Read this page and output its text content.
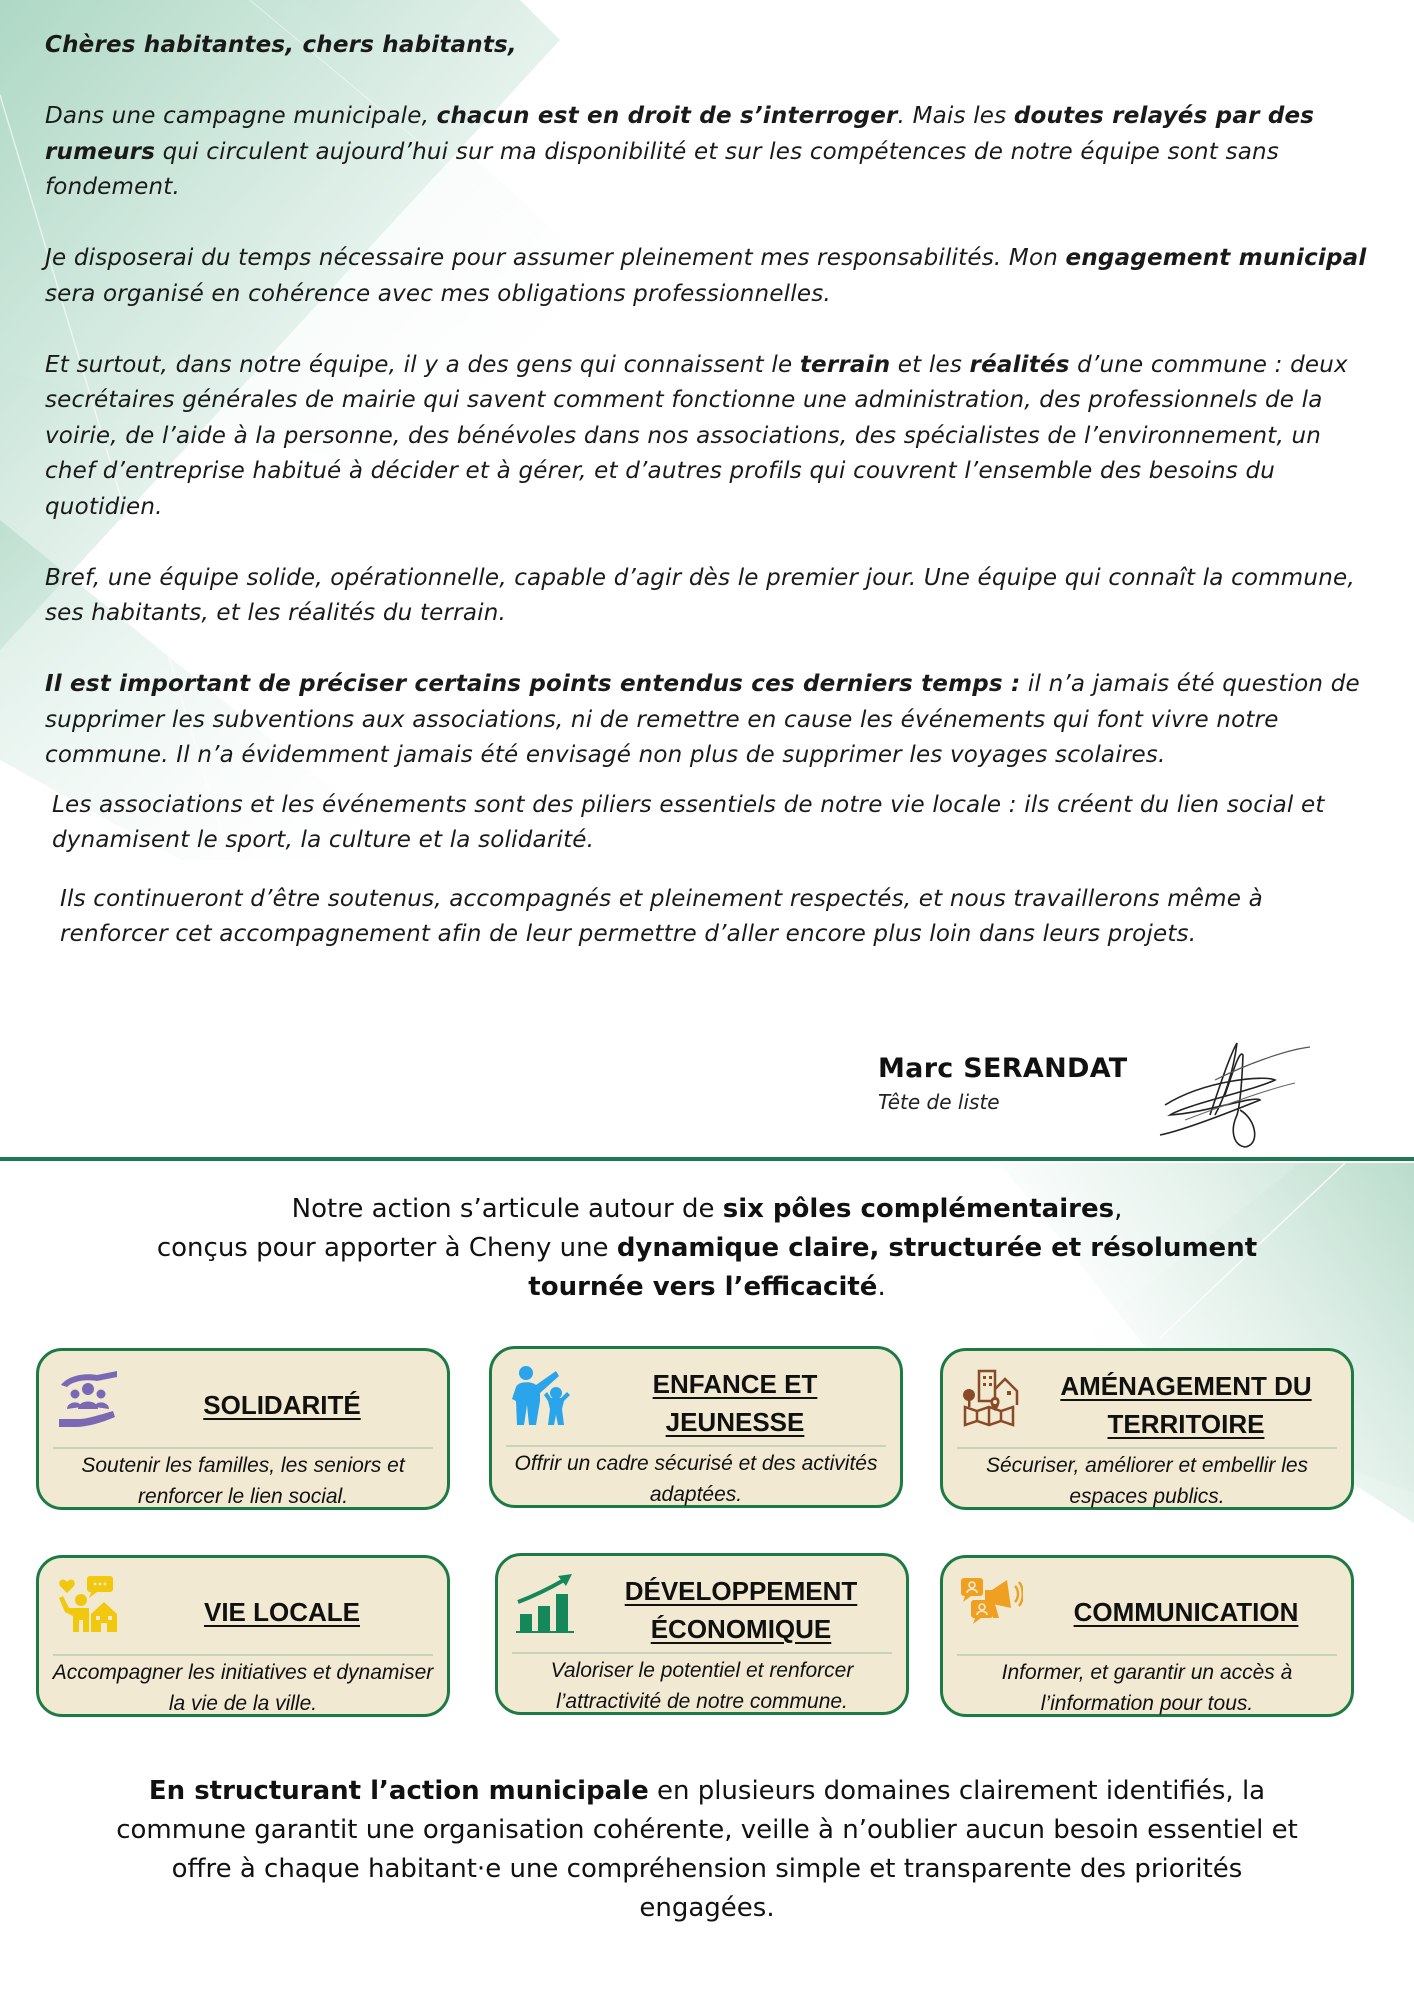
Chères habitantes, chers habitants,

Dans une campagne municipale, chacun est en droit de s’interroger. Mais les doutes relayés par des rumeurs qui circulent aujourd’hui sur ma disponibilité et sur les compétences de notre équipe sont sans fondement.

Je disposerai du temps nécessaire pour assumer pleinement mes responsabilités. Mon engagement municipal sera organisé en cohérence avec mes obligations professionnelles.

Et surtout, dans notre équipe, il y a des gens qui connaissent le terrain et les réalités d’une commune : deux secrétaires générales de mairie qui savent comment fonctionne une administration, des professionnels de la voirie, de l’aide à la personne, des bénévoles dans nos associations, des spécialistes de l’environnement, un chef d’entreprise habitué à décider et à gérer, et d’autres profils qui couvrent l’ensemble des besoins du quotidien.

Bref, une équipe solide, opérationnelle, capable d’agir dès le premier jour. Une équipe qui connaît la commune, ses habitants, et les réalités du terrain.

Il est important de préciser certains points entendus ces derniers temps : il n’a jamais été question de supprimer les subventions aux associations, ni de remettre en cause les événements qui font vivre notre commune. Il n’a évidemment jamais été envisagé non plus de supprimer les voyages scolaires.

Les associations et les événements sont des piliers essentiels de notre vie locale : ils créent du lien social et dynamisent le sport, la culture et la solidarité.

Ils continueront d’être soutenus, accompagnés et pleinement respectés, et nous travaillerons même à renforcer cet accompagnement afin de leur permettre d’aller encore plus loin dans leurs projets.

Marc SERANDAT
Tête de liste
Notre action s’articule autour de six pôles complémentaires,
conçus pour apporter à Cheny une dynamique claire, structurée et résolument tournée vers l’efficacité.
SOLIDARITÉ
Soutenir les familles, les seniors et renforcer le lien social.
ENFANCE ET JEUNESSE
Offrir un cadre sécurisé et des activités adaptées.
AMÉNAGEMENT DU TERRITOIRE
Sécuriser, améliorer et embellir les espaces publics.
VIE LOCALE
Accompagner les initiatives et dynamiser la vie de la ville.
DÉVELOPPEMENT ÉCONOMIQUE
Valoriser le potentiel et renforcer l’attractivité de notre commune.
COMMUNICATION
Informer, et garantir un accès à l’information pour tous.
En structurant l’action municipale en plusieurs domaines clairement identifiés, la commune garantit une organisation cohérente, veille à n’oublier aucun besoin essentiel et offre à chaque habitant·e une compréhension simple et transparente des priorités engagées.
